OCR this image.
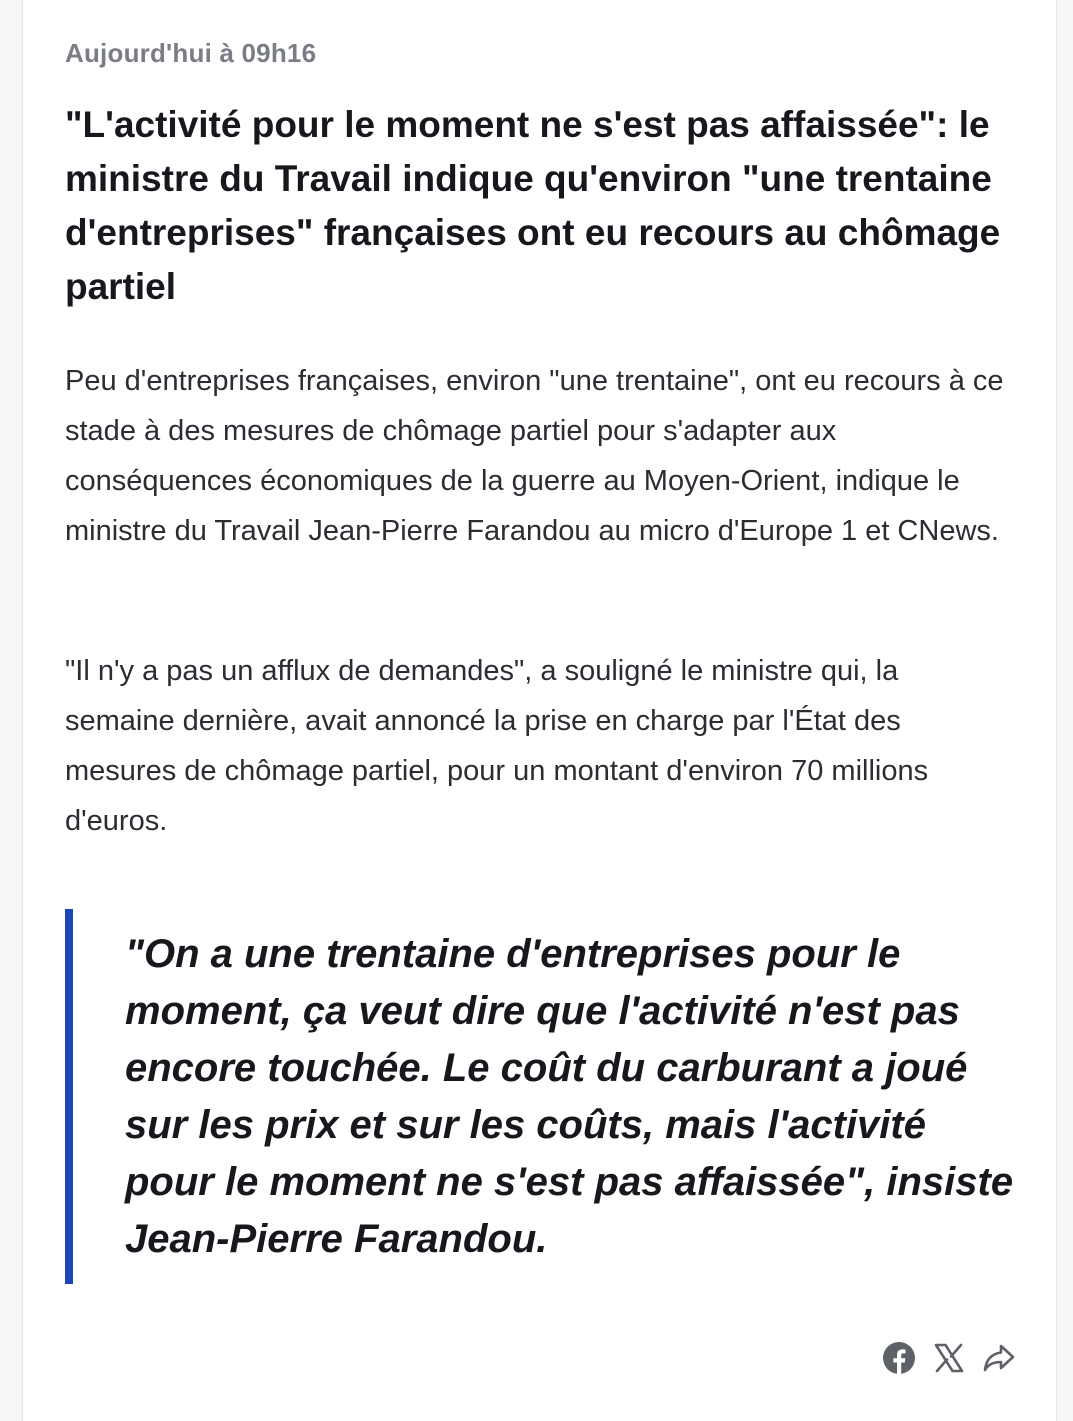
Aujourd'hui à 09h16
"L'activité pour le moment ne s'est pas affaissée": le ministre du Travail indique qu'environ "une trentaine d'entreprises" françaises ont eu recours au chômage partiel

Peu d'entreprises françaises, environ "une trentaine", ont eu recours à ce stade à des mesures de chômage partiel pour s'adapter aux conséquences économiques de la guerre au Moyen-Orient, indique le ministre du Travail Jean-Pierre Farandou au micro d'Europe 1 et CNews.

"Il n'y a pas un afflux de demandes", a souligné le ministre qui, la semaine dernière, avait annoncé la prise en charge par l'État des mesures de chômage partiel, pour un montant d'environ 70 millions d'euros.

"On a une trentaine d'entreprises pour le moment, ça veut dire que l'activité n'est pas encore touchée. Le coût du carburant a joué sur les prix et sur les coûts, mais l'activité pour le moment ne s'est pas affaissée", insiste Jean-Pierre Farandou.
